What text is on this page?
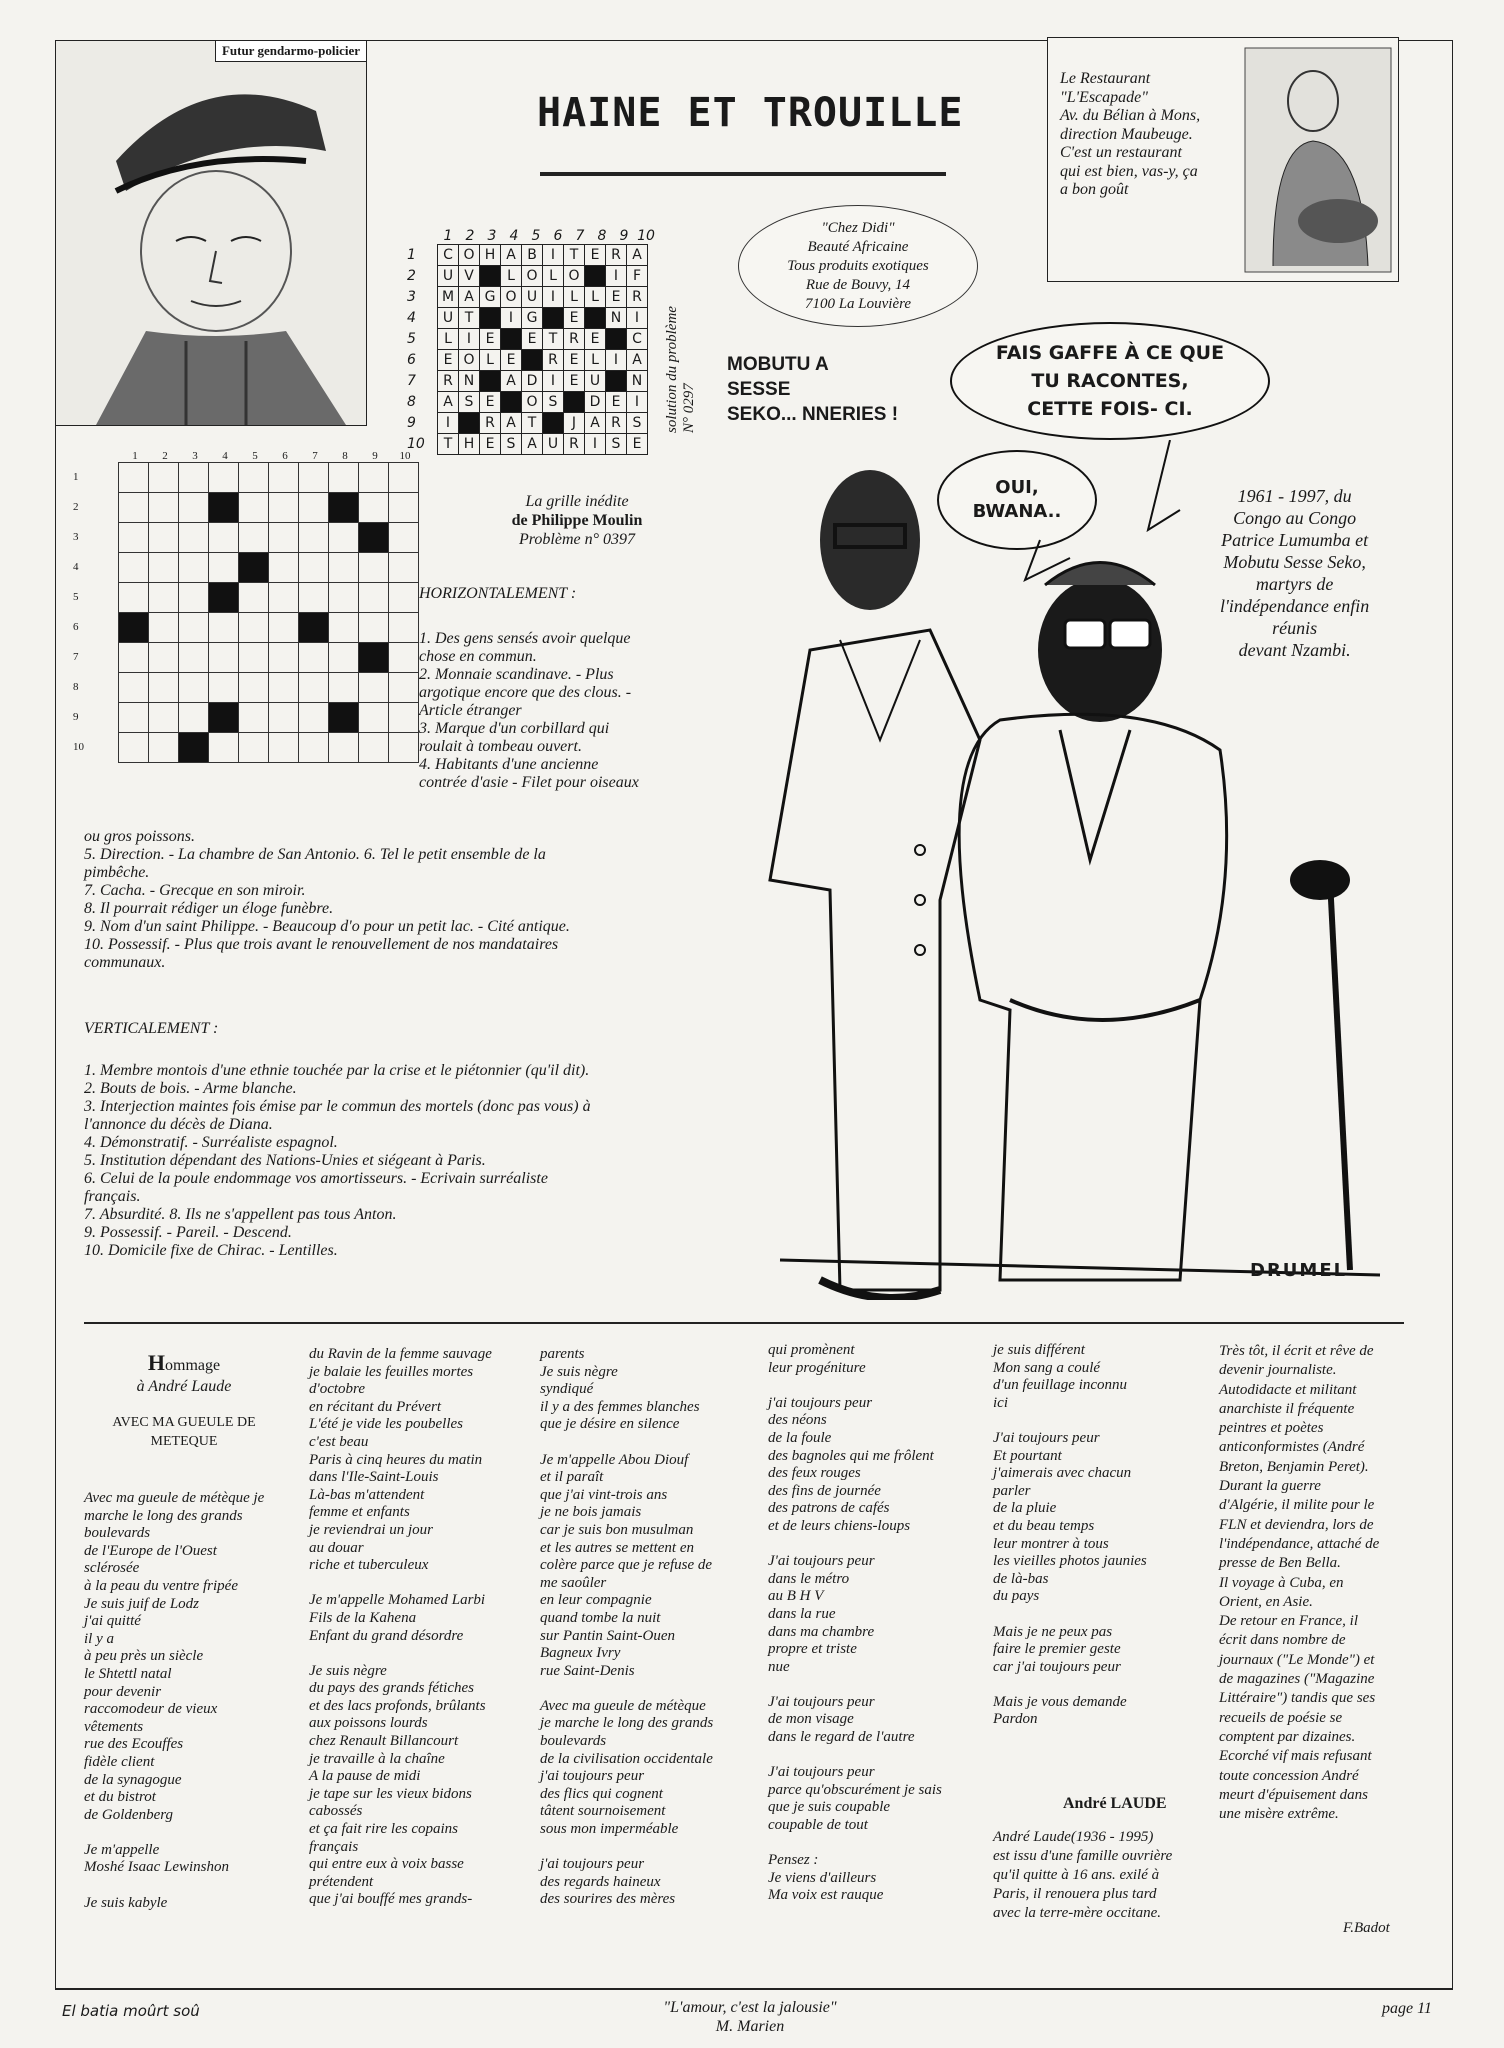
Futur gendarmo-policier
HAINE ET TROUILLE
Le Restaurant
"L'Escapade"
Av. du Bélian à Mons,
direction Maubeuge.
C'est un restaurant
qui est bien, vas-y, ça
a bon goût
"Chez Didi"
Beauté Africaine
Tous produits exotiques
Rue de Bouvy, 14
7100 La Louvière
1 2 3 4 5 6 7 8 9 10
1
2
3
4
5
6
7
8
9
10
C	O	H	A	B	I	T	E	R	A
U	V		L	O	L	O		I	F
M	A	G	O	U	I	L	L	E	R
U	T		I	G		E		N	I
L	I	E		E	T	R	E		C
E	O	L	E		R	E	L	I	A
R	N		A	D	I	E	U		N
A	S	E		O	S		D	E	I
I		R	A	T		J	A	R	S
T	H	E	S	A	U	R	I	S	E
solution du problème N° 0297
1	2	3	4	5	6	7	8	9	10
1
2
3
4
5
6
7
8
9
10

La grille inédite
de Philippe Moulin
Problème n° 0397
HORIZONTALEMENT :
1. Des gens sensés avoir quelque
chose en commun.
2. Monnaie scandinave. - Plus
argotique encore que des clous. -
Article étranger
3. Marque d'un corbillard qui
roulait à tombeau ouvert.
4. Habitants d'une ancienne
contrée d'asie - Filet pour oiseaux
ou gros poissons.
5. Direction. - La chambre de San Antonio. 6. Tel le petit ensemble de la
pimbêche.
7. Cacha. - Grecque en son miroir.
8. Il pourrait rédiger un éloge funèbre.
9. Nom d'un saint Philippe. - Beaucoup d'o pour un petit lac. - Cité antique.
10. Possessif. - Plus que trois avant le renouvellement de nos mandataires
communaux.
VERTICALEMENT :
1. Membre montois d'une ethnie touchée par la crise et le piétonnier (qu'il dit).
2. Bouts de bois. - Arme blanche.
3. Interjection maintes fois émise par le commun des mortels (donc pas vous) à
l'annonce du décès de Diana.
4. Démonstratif. - Surréaliste espagnol.
5. Institution dépendant des Nations-Unies et siégeant à Paris.
6. Celui de la poule endommage vos amortisseurs. - Ecrivain surréaliste
français.
7. Absurdité. 8. Ils ne s'appellent pas tous Anton.
9. Possessif. - Pareil. - Descend.
10. Domicile fixe de Chirac. - Lentilles.
MOBUTU A
SESSE
SEKO... NNERIES !
FAIS GAFFE À CE QUE
TU RACONTES,
CETTE FOIS- CI.
OUI,
BWANA..
1961 - 1997, du
Congo au Congo
Patrice Lumumba et
Mobutu Sesse Seko,
martyrs de
l'indépendance enfin
réunis
devant Nzambi.
DRUMEL
Hommage
à André Laude
AVEC MA GUEULE DE
METEQUE
Avec ma gueule de métèque je
marche le long des grands
boulevards
de l'Europe de l'Ouest
sclérosée
à la peau du ventre fripée
Je suis juif de Lodz
j'ai quitté
il y a
à peu près un siècle
le Shtettl natal
pour devenir
raccomodeur de vieux
vêtements
rue des Ecouffes
fidèle client
de la synagogue
et du bistrot
de Goldenberg

Je m'appelle
Moshé Isaac Lewinshon

Je suis kabyle
du Ravin de la femme sauvage
je balaie les feuilles mortes
d'octobre
en récitant du Prévert
L'été je vide les poubelles
c'est beau
Paris à cinq heures du matin
dans l'Ile-Saint-Louis
Là-bas m'attendent
femme et enfants
je reviendrai un jour
au douar
riche et tuberculeux

Je m'appelle Mohamed Larbi
Fils de la Kahena
Enfant du grand désordre

Je suis nègre
du pays des grands fétiches
et des lacs profonds, brûlants
aux poissons lourds
chez Renault Billancourt
je travaille à la chaîne
A la pause de midi
je tape sur les vieux bidons
cabossés
et ça fait rire les copains
français
qui entre eux à voix basse
prétendent
que j'ai bouffé mes grands-
parents
Je suis nègre
syndiqué
il y a des femmes blanches
que je désire en silence

Je m'appelle Abou Diouf
et il paraît
que j'ai vint-trois ans
je ne bois jamais
car je suis bon musulman
et les autres se mettent en
colère parce que je refuse de
me saoûler
en leur compagnie
quand tombe la nuit
sur Pantin Saint-Ouen
Bagneux Ivry
rue Saint-Denis

Avec ma gueule de métèque
je marche le long des grands
boulevards
de la civilisation occidentale
j'ai toujours peur
des flics qui cognent
tâtent sournoisement
sous mon imperméable

j'ai toujours peur
des regards haineux
des sourires des mères
qui promènent
leur progéniture

j'ai toujours peur
des néons
de la foule
des bagnoles qui me frôlent
des feux rouges
des fins de journée
des patrons de cafés
et de leurs chiens-loups

J'ai toujours peur
dans le métro
au B H V
dans la rue
dans ma chambre
propre et triste
nue

J'ai toujours peur
de mon visage
dans le regard de l'autre

J'ai toujours peur
parce qu'obscurément je sais
que je suis coupable
coupable de tout

Pensez :
Je viens d'ailleurs
Ma voix est rauque
je suis différent
Mon sang a coulé
d'un feuillage inconnu
ici

J'ai toujours peur
Et pourtant
j'aimerais avec chacun
parler
de la pluie
et du beau temps
leur montrer à tous
les vieilles photos jaunies
de là-bas
du pays

Mais je ne peux pas
faire le premier geste
car j'ai toujours peur

Mais je vous demande
Pardon
André LAUDE
André Laude(1936 - 1995)
est issu d'une famille ouvrière
qu'il quitte à 16 ans. exilé à
Paris, il renouera plus tard
avec la terre-mère occitane.
Très tôt, il écrit et rêve de
devenir journaliste.
Autodidacte et militant
anarchiste il fréquente
peintres et poètes
anticonformistes (André
Breton, Benjamin Peret).
Durant la guerre
d'Algérie, il milite pour le
FLN et deviendra, lors de
l'indépendance, attaché de
presse de Ben Bella.
Il voyage à Cuba, en
Orient, en Asie.
De retour en France, il
écrit dans nombre de
journaux ("Le Monde") et
de magazines ("Magazine
Littéraire") tandis que ses
recueils de poésie se
comptent par dizaines.
Ecorché vif mais refusant
toute concession André
meurt d'épuisement dans
une misère extrême.
F.Badot
El batia moûrt soû	"L'amour, c'est la jalousie"
M. Marien
page 11
